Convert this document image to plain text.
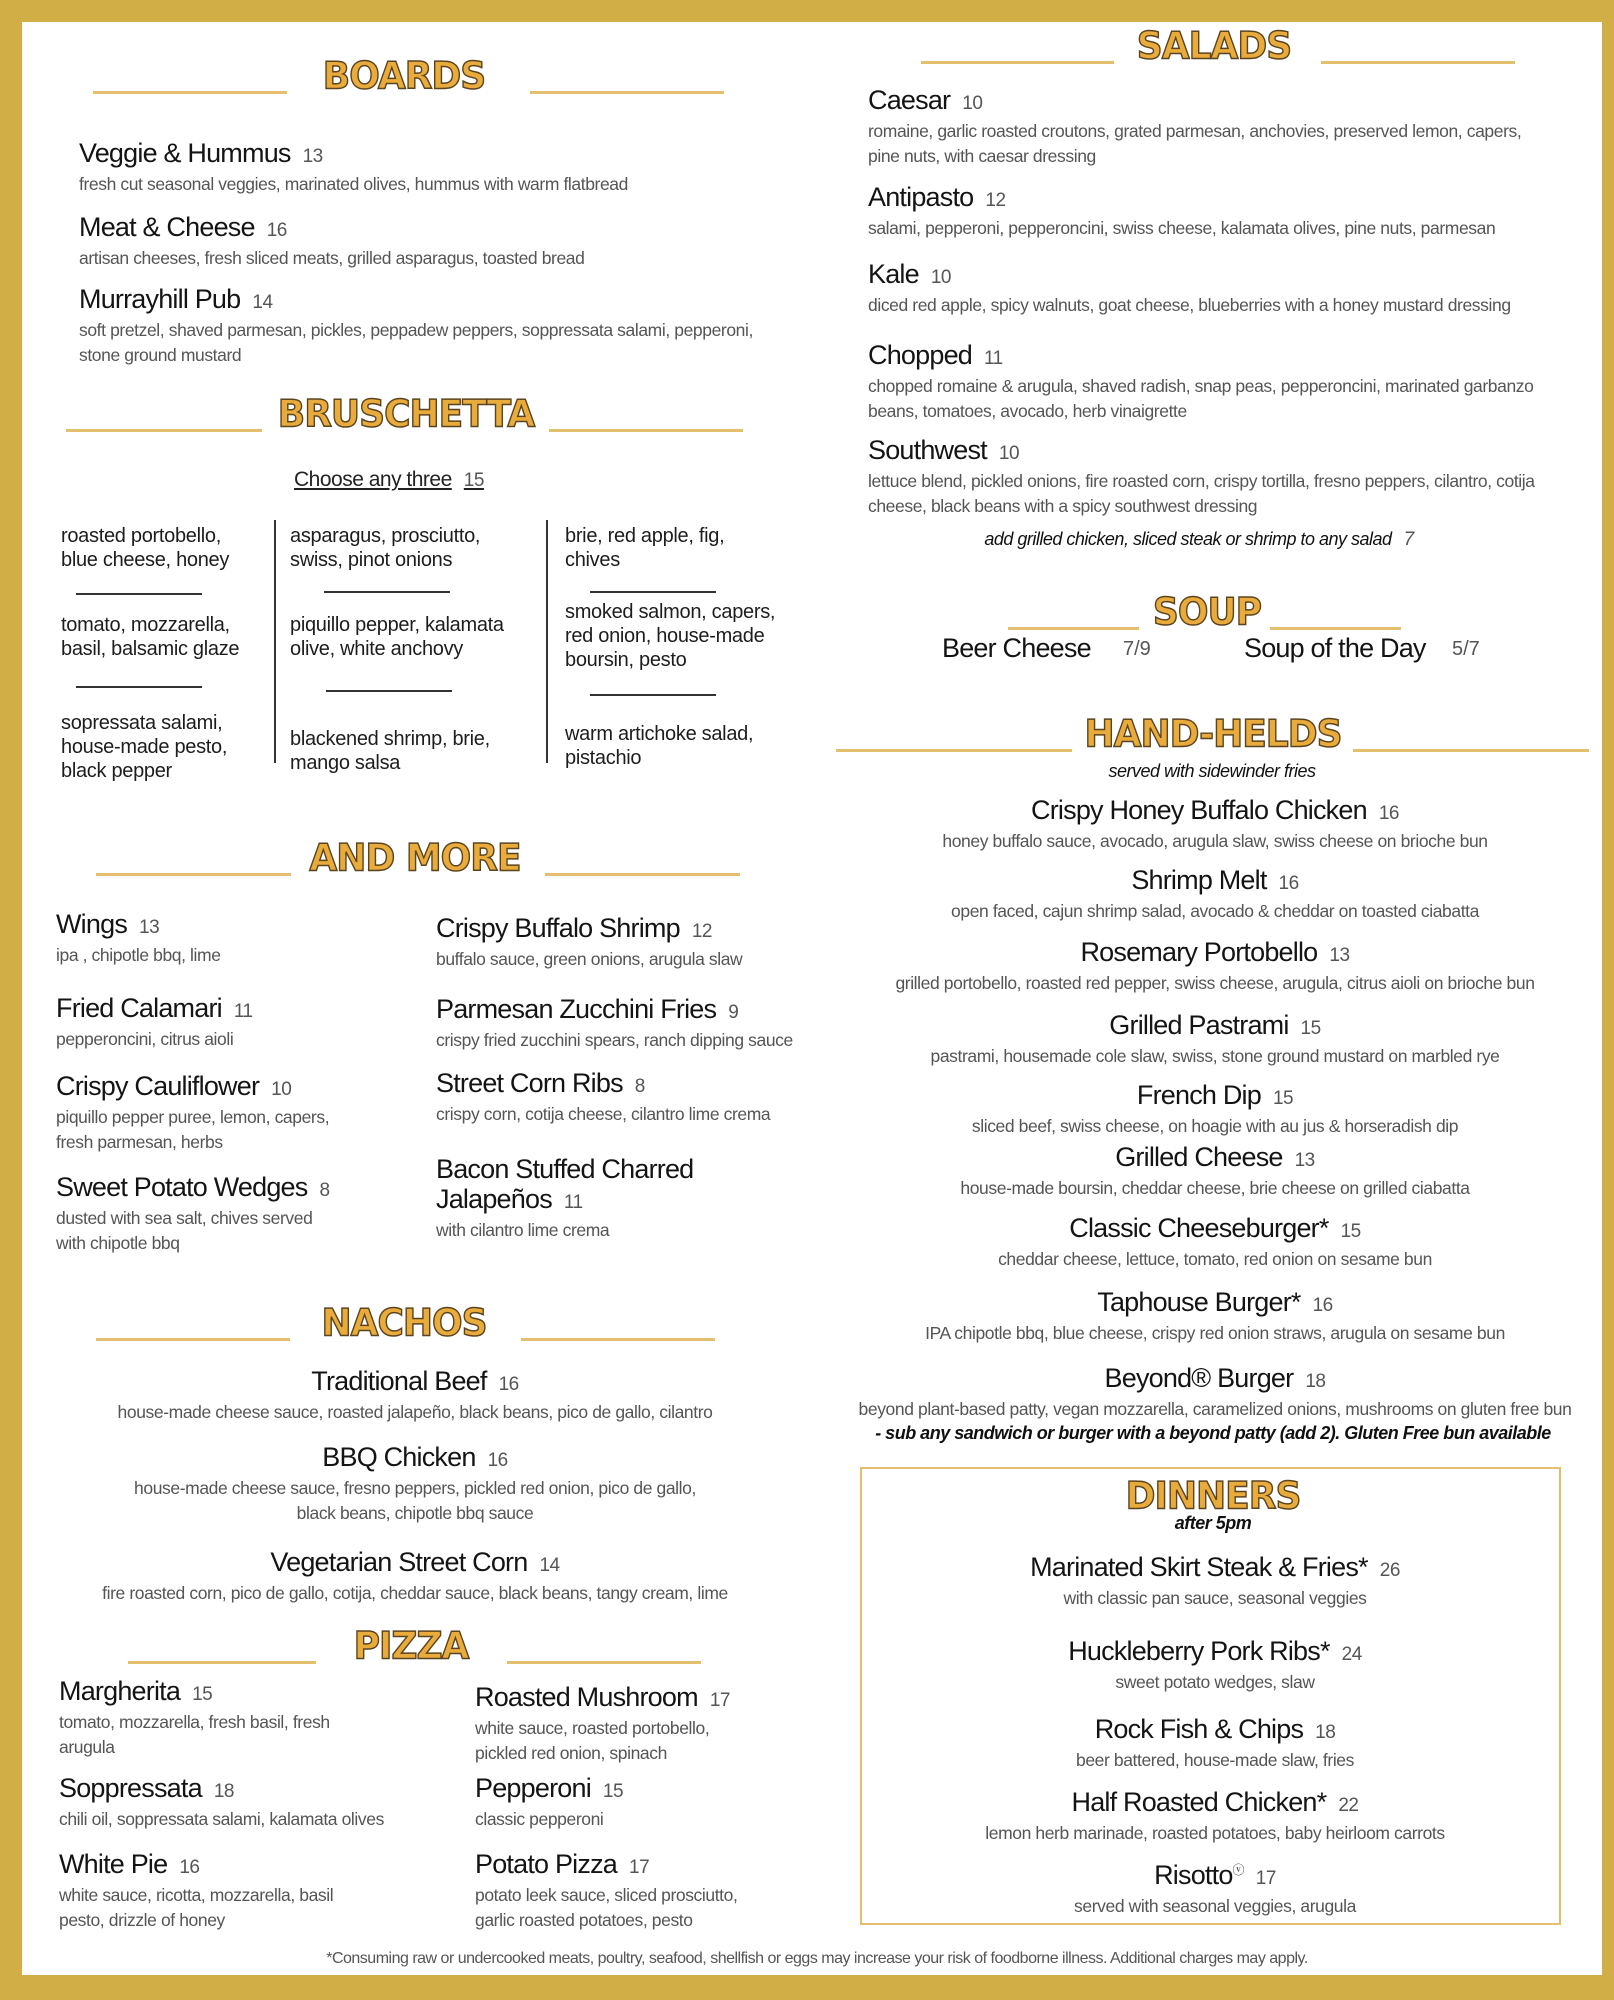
BOARDS
Veggie & Hummus 13
fresh cut seasonal veggies, marinated olives, hummus with warm flatbread
Meat & Cheese 16
artisan cheeses, fresh sliced meats, grilled asparagus, toasted bread
Murrayhill Pub 14
soft pretzel, shaved parmesan, pickles, peppadew peppers, soppressata salami, pepperoni,
stone ground mustard
BRUSCHETTA
Choose any three 15
roasted portobello,
blue cheese, honey
tomato, mozzarella,
basil, balsamic glaze
sopressata salami,
house-made pesto,
black pepper
asparagus, prosciutto,
swiss, pinot onions
piquillo pepper, kalamata
olive, white anchovy
blackened shrimp, brie,
mango salsa
brie, red apple, fig,
chives
smoked salmon, capers,
red onion, house-made
boursin, pesto
warm artichoke salad,
pistachio
AND MORE
Wings 13
ipa , chipotle bbq, lime
Fried Calamari 11
pepperoncini, citrus aioli
Crispy Cauliflower 10
piquillo pepper puree, lemon, capers,
fresh parmesan, herbs
Sweet Potato Wedges 8
dusted with sea salt, chives served
with chipotle bbq
Crispy Buffalo Shrimp 12
buffalo sauce, green onions, arugula slaw
Parmesan Zucchini Fries 9
crispy fried zucchini spears, ranch dipping sauce
Street Corn Ribs 8
crispy corn, cotija cheese, cilantro lime crema
Bacon Stuffed Charred
Jalapeños 11
with cilantro lime crema
NACHOS
Traditional Beef 16
house-made cheese sauce, roasted jalapeño, black beans, pico de gallo, cilantro
BBQ Chicken 16
house-made cheese sauce, fresno peppers, pickled red onion, pico de gallo,
black beans, chipotle bbq sauce
Vegetarian Street Corn 14
fire roasted corn, pico de gallo, cotija, cheddar sauce, black beans, tangy cream, lime
PIZZA
Margherita 15
tomato, mozzarella, fresh basil, fresh
arugula
Soppressata 18
chili oil, soppressata salami, kalamata olives
White Pie 16
white sauce, ricotta, mozzarella, basil
pesto, drizzle of honey
Roasted Mushroom 17
white sauce, roasted portobello,
pickled red onion, spinach
Pepperoni 15
classic pepperoni
Potato Pizza 17
potato leek sauce, sliced prosciutto,
garlic roasted potatoes, pesto
SALADS
Caesar 10
romaine, garlic roasted croutons, grated parmesan, anchovies, preserved lemon, capers,
pine nuts, with caesar dressing
Antipasto 12
salami, pepperoni, pepperoncini, swiss cheese, kalamata olives, pine nuts, parmesan
Kale 10
diced red apple, spicy walnuts, goat cheese, blueberries with a honey mustard dressing
Chopped 11
chopped romaine & arugula, shaved radish, snap peas, pepperoncini, marinated garbanzo
beans, tomatoes, avocado, herb vinaigrette
Southwest 10
lettuce blend, pickled onions, fire roasted corn, crispy tortilla, fresno peppers, cilantro, cotija
cheese, black beans with a spicy southwest dressing
add grilled chicken, sliced steak or shrimp to any salad 7
SOUP
Beer Cheese 7/9	Soup of the Day 5/7
HAND-HELDS
served with sidewinder fries
Crispy Honey Buffalo Chicken 16
honey buffalo sauce, avocado, arugula slaw, swiss cheese on brioche bun
Shrimp Melt 16
open faced, cajun shrimp salad, avocado & cheddar on toasted ciabatta
Rosemary Portobello 13
grilled portobello, roasted red pepper, swiss cheese, arugula, citrus aioli on brioche bun
Grilled Pastrami 15
pastrami, housemade cole slaw, swiss, stone ground mustard on marbled rye
French Dip 15
sliced beef, swiss cheese, on hoagie with au jus & horseradish dip
Grilled Cheese 13
house-made boursin, cheddar cheese, brie cheese on grilled ciabatta
Classic Cheeseburger* 15
cheddar cheese, lettuce, tomato, red onion on sesame bun
Taphouse Burger* 16
IPA chipotle bbq, blue cheese, crispy red onion straws, arugula on sesame bun
Beyond® Burger 18
beyond plant-based patty, vegan mozzarella, caramelized onions, mushrooms on gluten free bun
- sub any sandwich or burger with a beyond patty (add 2). Gluten Free bun available
DINNERS
after 5pm
Marinated Skirt Steak & Fries* 26
with classic pan sauce, seasonal veggies
Huckleberry Pork Ribs* 24
sweet potato wedges, slaw
Rock Fish & Chips 18
beer battered, house-made slaw, fries
Half Roasted Chicken* 22
lemon herb marinade, roasted potatoes, baby heirloom carrots
Risottoⓥ 17
served with seasonal veggies, arugula
*Consuming raw or undercooked meats, poultry, seafood, shellfish or eggs may increase your risk of foodborne illness. Additional charges may apply.
